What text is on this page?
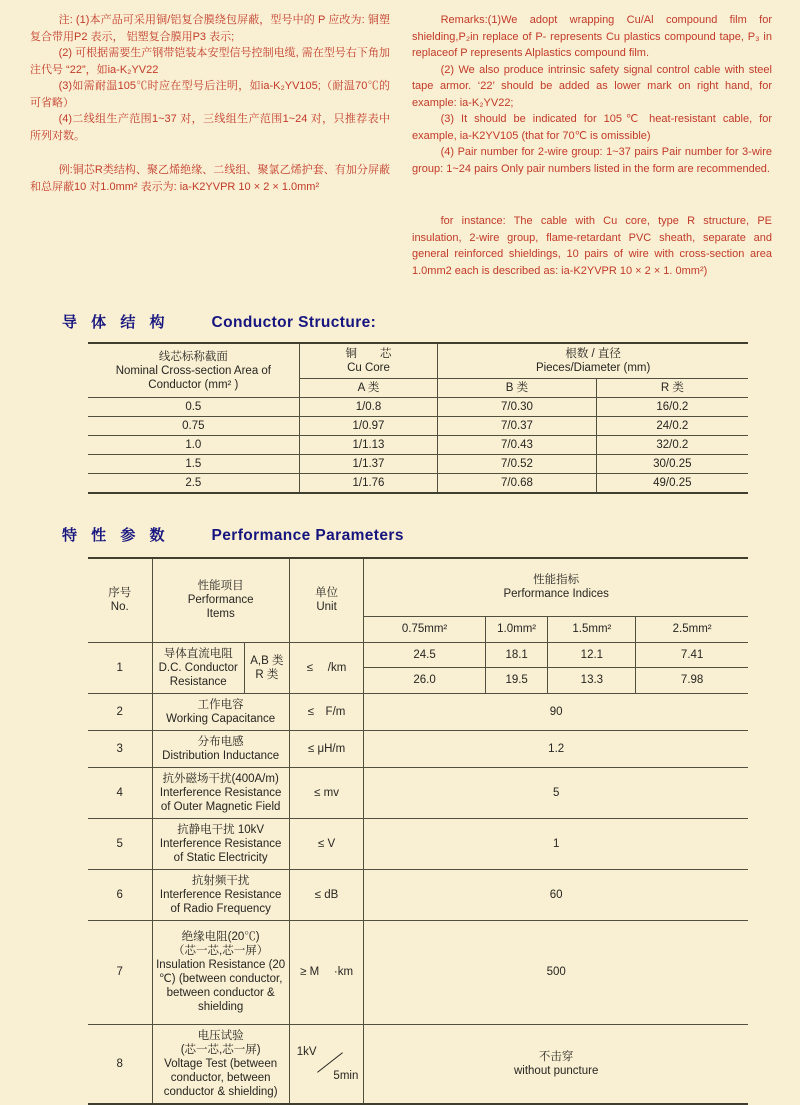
注: (1)本产品可采用铜/铝复合膜绕包屏蔽，型号中的 P 应改为: 铜塑复合带用P2 表示， 铝塑复合膜用P3 表示;

(2) 可根据需要生产钢带铠装本安型信号控制电缆, 需在型号右下角加注代号 “22”，如ia-K₂YV22

(3)如需耐温105℃时应在型号后注明，如ia-K₂YV105;（耐温70℃的可省略）

(4)二线组生产范围1~37 对，三线组生产范围1~24 对，只推荐表中所列对数。

例:铜芯R类结构、聚乙烯绝缘、二线组、聚氯乙烯护套、有加分屏蔽和总屏蔽10 对1.0mm² 表示为: ia-K2YVPR 10 × 2 × 1.0mm²

Remarks:(1)We adopt wrapping Cu/Al compound film for shielding,P₂in replace of P- represents Cu plastics compound tape, P₃ in replaceof P represents Alplastics compound film.

(2) We also produce intrinsic safety signal control cable with steel tape armor. ‘22’ should be added as lower mark on right hand, for example: ia-K₂YV22;

(3) It should be indicated for 105℃ heat-resistant cable, for example, ia-K2YV105 (that for 70℃ is omissible)

(4) Pair number for 2-wire group: 1~37 pairs Pair number for 3-wire group: 1~24 pairs Only pair numbers listed in the form are recommended.

for instance: The cable with Cu core, type R structure, PE insulation, 2-wire group, flame-retardant PVC sheath, separate and general reinforced shieldings, 10 pairs of wire with cross-section area 1.0mm2 each is described as: ia-K2YVPR 10 × 2 × 1. 0mm²)

导 体 结 构	Conductor Structure:
线芯标称截面
Nominal Cross-section Area of
Conductor (mm² )	铜　　芯
Cu Core	根数 / 直径
Pieces/Diameter (mm)	

	A 类	B 类	R 类
0.5	1/0.8	7/0.30	16/0.2
0.75	1/0.97	7/0.37	24/0.2
1.0	1/1.13	7/0.43	32/0.2
1.5	1/1.37	7/0.52	30/0.25
2.5	1/1.76	7/0.68	49/0.25
特 性 参 数	Performance Parameters
序号
No.	性能项目
Performance
Items		单位
Unit	性能指标
Performance Indices			

				0.75mm²	1.0mm²	1.5mm²	2.5mm²
1	导体直流电阻
D.C. Conductor Resistance	A,B 类
R 类	≤　 /km	24.5	18.1	12.1	7.41
				26.0	19.5	13.3	7.98
2	工作电容
Working Capacitance		≤　F/m	90			
3	分布电感
Distribution Inductance		≤ μH/m	1.2			
4	抗外磁场干扰(400A/m)
Interference Resistance of Outer Magnetic Field		≤ mv	5			
5	抗静电干扰 10kV
Interference Resistance of Static Electricity		≤ V	1			
6	抗射频干扰
Interference Resistance of Radio Frequency		≤ dB	60			
7	绝缘电阻(20℃)
（芯一芯,芯一屏）
Insulation Resistance (20 ℃) (between conductor, between conductor & shielding		≥ M　 ·km	500			
8	电压试验
(芯一芯,芯一屏)
Voltage Test (between conductor, between conductor & shielding)		1kV
5min	不击穿
without puncture			
